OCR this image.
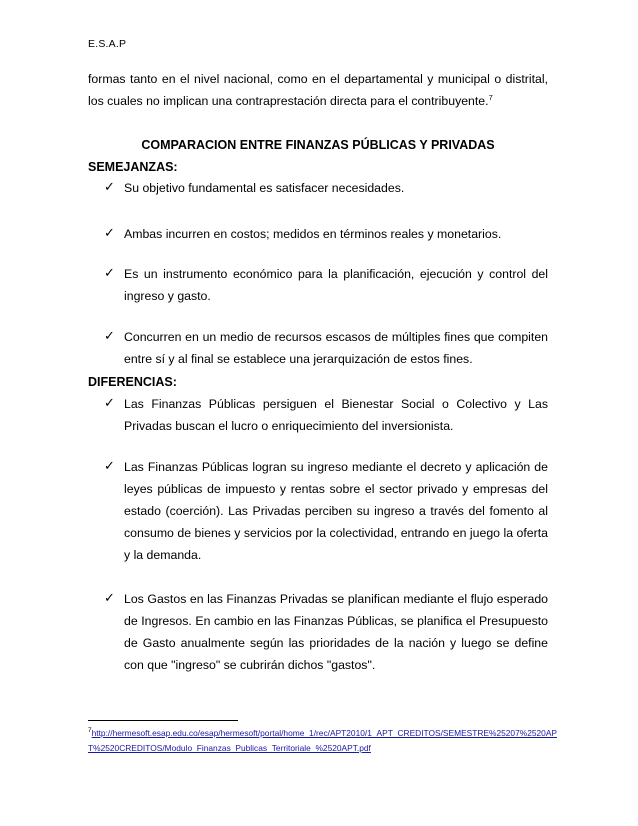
E.S.A.P
formas tanto en el nivel nacional, como en el departamental y municipal o distrital, los cuales no implican una contraprestación directa para el contribuyente.$^7$
COMPARACION ENTRE FINANZAS PÚBLICAS Y PRIVADAS
SEMEJANZAS:
✓ Su objetivo fundamental es satisfacer necesidades.
✓ Ambas incurren en costos; medidos en términos reales y monetarios.
✓ Es un instrumento económico para la planificación, ejecución y control del ingreso y gasto.
✓ Concurren en un medio de recursos escasos de múltiples fines que compiten entre sí y al final se establece una jerarquización de estos fines.
DIFERENCIAS:
✓ Las Finanzas Públicas persiguen el Bienestar Social o Colectivo y Las Privadas buscan el lucro o enriquecimiento del inversionista.
✓ Las Finanzas Públicas logran su ingreso mediante el decreto y aplicación de leyes públicas de impuesto y rentas sobre el sector privado y empresas del estado (coerción). Las Privadas perciben su ingreso a través del fomento al consumo de bienes y servicios por la colectividad, entrando en juego la oferta y la demanda.
✓ Los Gastos en las Finanzas Privadas se planifican mediante el flujo esperado de Ingresos. En cambio en las Finanzas Públicas, se planifica el Presupuesto de Gasto anualmente según las prioridades de la nación y luego se define con que "ingreso" se cubrirán dichos "gastos".
$^7$http://hermesoft.esap.edu.co/esap/hermesoft/portal/home_1/rec/APT2010/1_APT_CREDITOS/SEMESTRE%25207%2520APT%2520CREDITOS/Modulo_Finanzas_Publicas_Territoriale_%2520APT.pdf
